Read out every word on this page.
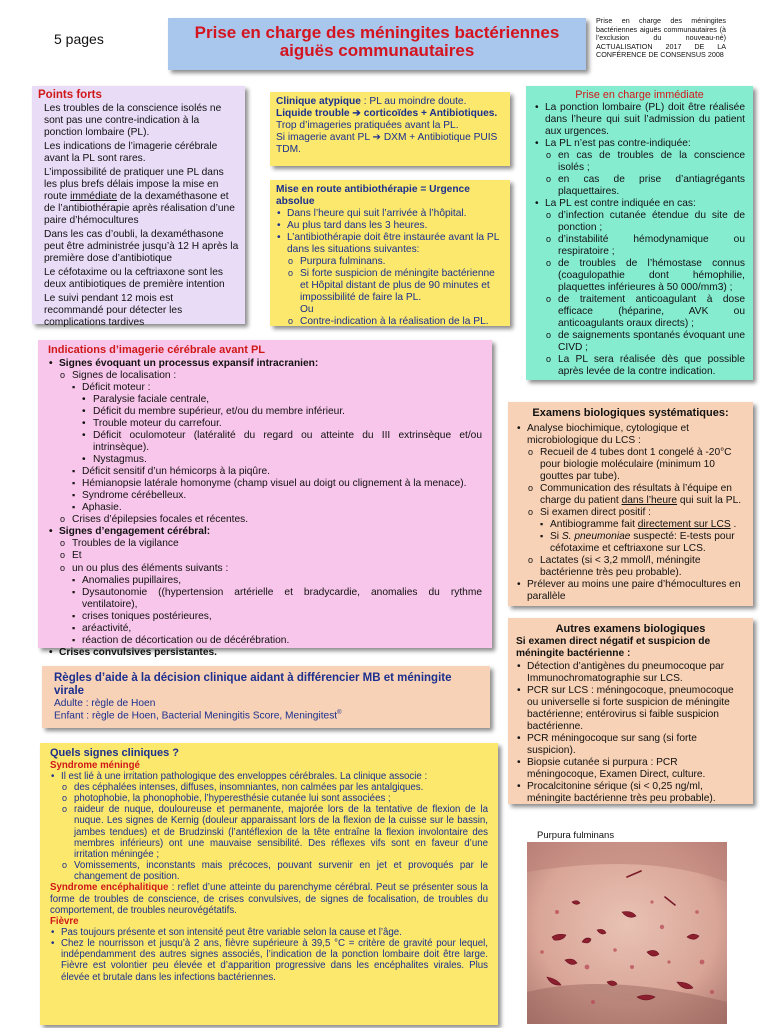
5 pages	Prise en charge des méningites bactériennes
aiguës communautaires
Prise en charge des méningites bactériennes aiguës communautaires (à l’exclusion du nouveau-né) ACTUALISATION 2017 DE LA CONFÉRENCE DE CONSENSUS 2008
Points forts
Les troubles de la conscience isolés ne sont pas une contre-indication à la ponction lombaire (PL).
Les indications de l’imagerie cérébrale avant la PL sont rares.
L’impossibilité de pratiquer une PL dans les plus brefs délais impose la mise en route immédiate de la dexaméthasone et de l’antibiothérapie après réalisation d’une paire d’hémocultures
Dans les cas d’oubli, la dexaméthasone peut être administrée jusqu’à 12 H après la première dose d’antibiotique
Le céfotaxime ou la ceftriaxone sont les deux antibiotiques de première intention
Le suivi pendant 12 mois est recommandé pour détecter les complications tardives
Clinique atypique : PL au moindre doute.
Liquide trouble ➔ corticoïdes + Antibiotiques.
Trop d’imageries pratiquées avant la PL.
Si imagerie avant PL ➔ DXM + Antibiotique PUIS TDM.
Mise en route antibiothérapie = Urgence absolue
• Dans l’heure qui suit l’arrivée à l’hôpital.
• Au plus tard dans les 3 heures.
• L’antibiothérapie doit être instaurée avant la PL dans les situations suivantes:
o Purpura fulminans.
o Si forte suspicion de méningite bactérienne et Hôpital distant de plus de 90 minutes et impossibilité de faire la PL.
Ou
o Contre-indication à la réalisation de la PL.
Prise en charge immédiate
• La ponction lombaire (PL) doit être réalisée dans l’heure qui suit l’admission du patient aux urgences.
• La PL n’est pas contre-indiquée:
o en cas de troubles de la conscience isolés ;
o en cas de prise d’antiagrégants plaquettaires.
• La PL est contre indiquée en cas:
o d’infection cutanée étendue du site de ponction ;
o d’instabilité hémodynamique ou respiratoire ;
o de troubles de l’hémostase connus (coagulopathie dont hémophilie, plaquettes inférieures à 50 000/mm3) ;
o de traitement anticoagulant à dose efficace (héparine, AVK ou anticoagulants oraux directs) ;
o de saignements spontanés évoquant une CIVD ;
o La PL sera réalisée dès que possible après levée de la contre indication.
Indications d’imagerie cérébrale avant PL
• Signes évoquant un processus expansif intracranien:
o Signes de localisation :
▪ Déficit moteur :
• Paralysie faciale centrale,
• Déficit du membre supérieur, et/ou du membre inférieur.
• Trouble moteur du carrefour.
• Déficit oculomoteur (latéralité du regard ou atteinte du III extrinsèque et/ou intrinsèque).
• Nystagmus.
▪ Déficit sensitif d’un hémicorps à la piqûre.
▪ Hémianopsie latérale homonyme (champ visuel au doigt ou clignement à la menace).
▪ Syndrome cérébelleux.
▪ Aphasie.
o Crises d’épilepsies focales et récentes.
• Signes d’engagement cérébral:
o Troubles de la vigilance
o Et
o un ou plus des éléments suivants :
▪ Anomalies pupillaires,
▪ Dysautonomie ((hypertension artérielle et bradycardie, anomalies du rythme ventilatoire),
▪ crises toniques postérieures,
▪ aréactivité,
▪ réaction de décortication ou de décérébration.
• Crises convulsives persistantes.
Examens biologiques systématiques:
• Analyse biochimique, cytologique et microbiologique du LCS :
o Recueil de 4 tubes dont 1 congelé à -20°C pour biologie moléculaire (minimum 10 gouttes par tube).
o Communication des résultats à l’équipe en charge du patient dans l’heure qui suit la PL.
o Si examen direct positif :
▪ Antibiogramme fait directement sur LCS .
▪ Si S. pneumoniae suspecté: E-tests pour céfotaxime et ceftriaxone sur LCS.
o Lactates (si < 3,2 mmol/l, méningite bactérienne très peu probable).
• Prélever au moins une paire d’hémocultures en parallèle
Autres examens biologiques
Si examen direct négatif et suspicion de méningite bactérienne :
• Détection d’antigènes du pneumocoque par Immunochromatographie sur LCS.
• PCR sur LCS : méningocoque, pneumocoque ou universelle si forte suspicion de méningite bactérienne; entérovirus si faible suspicion bactérienne.
• PCR méningocoque sur sang (si forte suspicion).
• Biopsie cutanée si purpura : PCR méningocoque, Examen Direct, culture.
• Procalcitonine sérique (si < 0,25 ng/ml, méningite bactérienne très peu probable).
Règles d’aide à la décision clinique aidant à différencier MB et méningite virale
Adulte : règle de Hoen
Enfant : règle de Hoen, Bacterial Meningitis Score, Meningitest®
Quels signes cliniques ?
Syndrome méningé
• Il est lié à une irritation pathologique des enveloppes cérébrales. La clinique associe :
o des céphalées intenses, diffuses, insomniantes, non calmées par les antalgiques.
o photophobie, la phonophobie, l’hyperesthésie cutanée lui sont associées ;
o raideur de nuque, douloureuse et permanente, majorée lors de la tentative de flexion de la nuque. Les signes de Kernig (douleur apparaissant lors de la flexion de la cuisse sur le bassin, jambes tendues) et de Brudzinski (l’antéflexion de la tête entraîne la flexion involontaire des membres inférieurs) ont une mauvaise sensibilité. Des réflexes vifs sont en faveur d’une irritation méningée ;
o Vomissements, inconstants mais précoces, pouvant survenir en jet et provoqués par le changement de position.
Syndrome encéphalitique : reflet d’une atteinte du parenchyme cérébral. Peut se présenter sous la forme de troubles de conscience, de crises convulsives, de signes de focalisation, de troubles du comportement, de troubles neurovégétatifs.
Fièvre
• Pas toujours présente et son intensité peut être variable selon la cause et l’âge.
• Chez le nourrisson et jusqu’à 2 ans, fièvre supérieure à 39,5 °C = critère de gravité pour lequel, indépendamment des autres signes associés, l’indication de la ponction lombaire doit être large. Fièvre est volontier peu élevée et d’apparition progressive dans les encéphalites virales. Plus élevée et brutale dans les infections bactériennes.
Purpura fulminans
